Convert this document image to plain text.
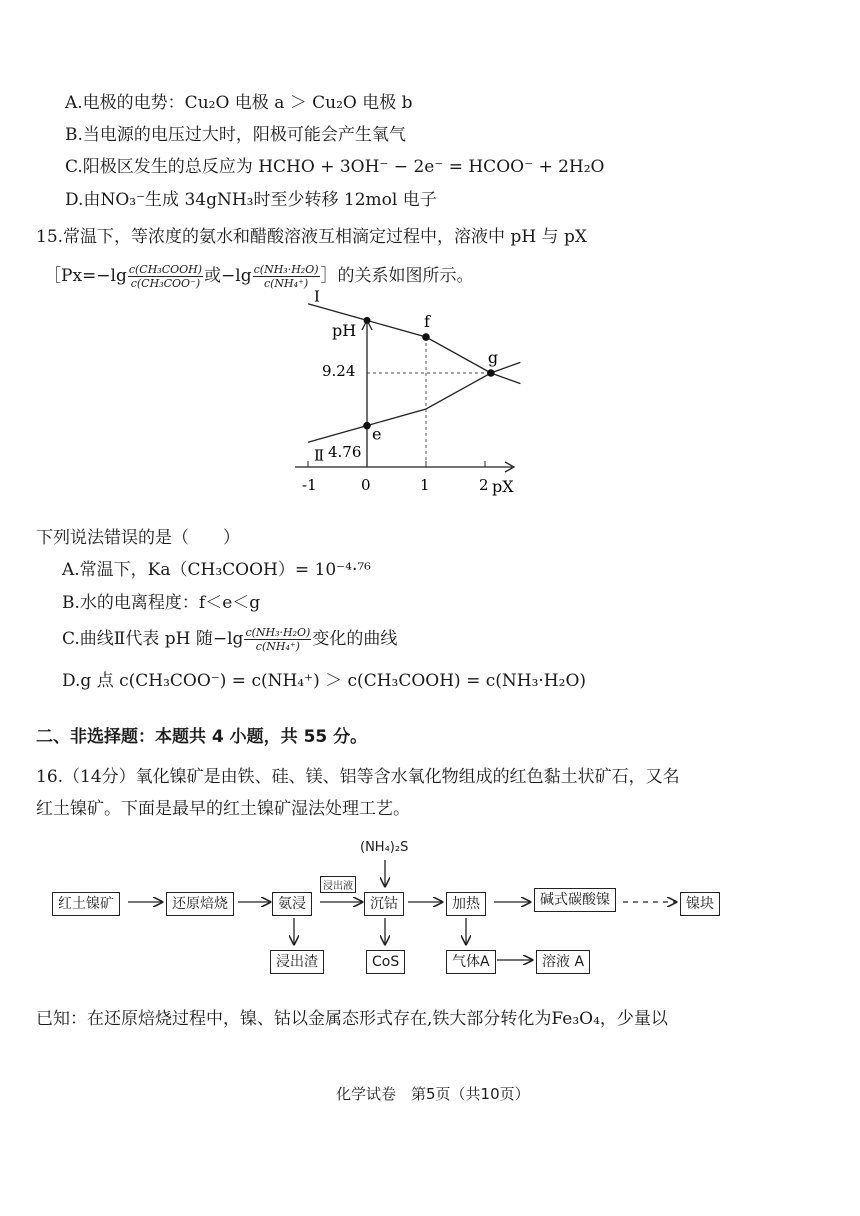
A.电极的电势：Cu₂O 电极 a ＞ Cu₂O 电极 b
B.当电源的电压过大时，阳极可能会产生氧气
C.阳极区发生的总反应为 HCHO + 3OH⁻ − 2e⁻ = HCOO⁻ + 2H₂O
D.由NO₃⁻生成 34gNH₃时至少转移 12mol 电子
15.常温下，等浓度的氨水和醋酸溶液互相滴定过程中，溶液中 pH 与 pX
［Px=−lg $\frac{\text{c(CH₃COOH)}}{\text{c(CH₃COO⁻)}}$ 或$-\lg \frac{\text{c(NH₃·H₂O)}}{\text{c(NH₄⁺)}}$ ］的关系如图所示。
pH
pX
-1	0	1	2
Ⅰ
Ⅱ
9.24
4.76
f
e
g
下列说法错误的是（　　）
A.常温下，Ka（CH₃COOH）= 10⁻⁴·⁷⁶
B.水的电离程度：f＜e＜g
C.曲线Ⅱ代表 pH 随$-\lg \frac{\text{c(NH₃·H₂O)}}{\text{c(NH₄⁺)}}$ 变化的曲线
D.g 点 c(CH₃COO⁻) = c(NH₄⁺) ＞ c(CH₃COOH) = c(NH₃·H₂O)
二、非选择题：本题共 4 小题，共 55 分。
16.（14分）氧化镍矿是由铁、硅、镁、铝等含水氧化物组成的红色黏土状矿石，又名
红土镍矿。下面是最早的红土镍矿湿法处理工艺。
(NH₄)₂S
红土镍矿	还原焙烧	氨浸
浸出液
沉钴	加热	碱式碳酸镍	镍块
浸出渣	CoS	气体A	溶液 A
已知：在还原焙烧过程中，镍、钴以金属态形式存在,铁大部分转化为Fe₃O₄，少量以
化学试卷　第5页（共10页）
